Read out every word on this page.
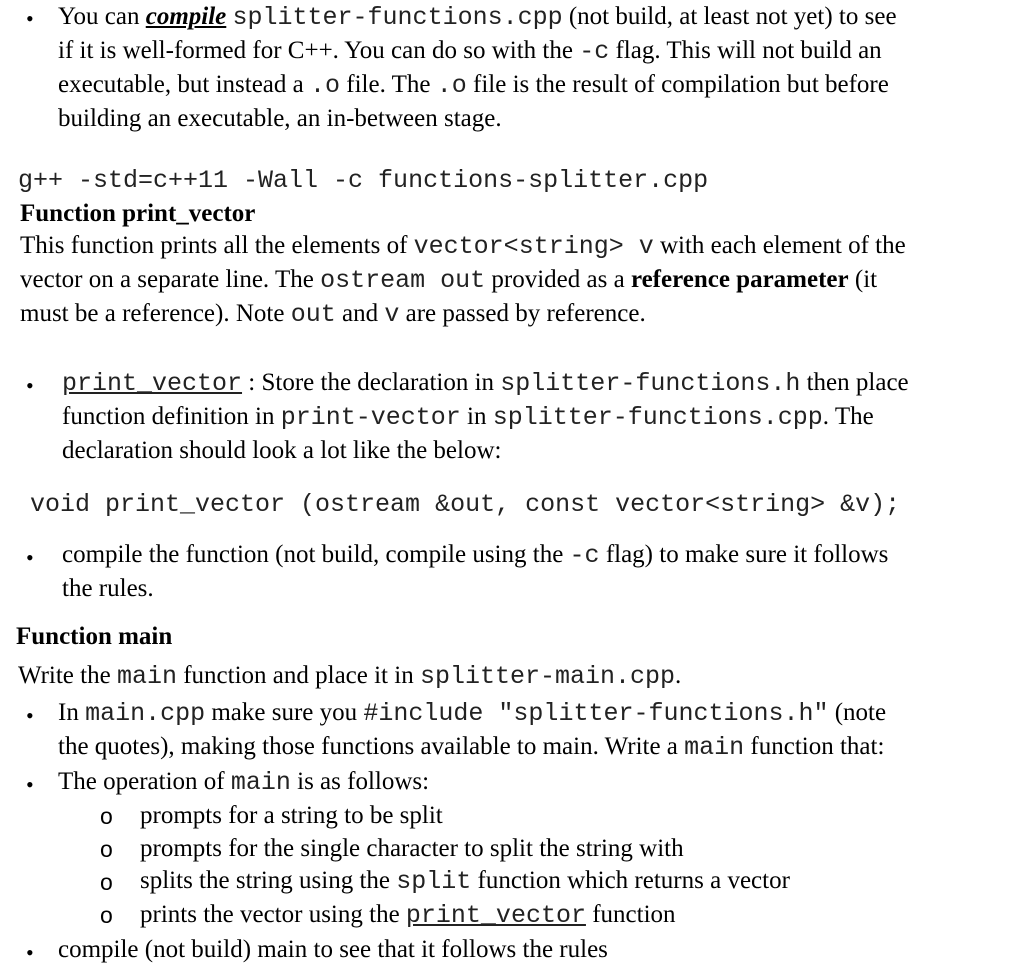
• You can compile splitter-functions.cpp (not build, at least not yet) to see
if it is well-formed for C++. You can do so with the -c flag. This will not build an
executable, but instead a .o file. The .o file is the result of compilation but before
building an executable, an in-between stage.
g++ -std=c++11 -Wall -c functions-splitter.cpp
Function print_vector
This function prints all the elements of vector<string> v with each element of the
vector on a separate line. The ostream out provided as a reference parameter (it
must be a reference). Note out and v are passed by reference.
• print_vector : Store the declaration in splitter-functions.h then place
function definition in print-vector in splitter-functions.cpp. The
declaration should look a lot like the below:
void print_vector (ostream &out, const vector<string> &v);
• compile the function (not build, compile using the -c flag) to make sure it follows
the rules.
Function main
Write the main function and place it in splitter-main.cpp.
• In main.cpp make sure you #include "splitter-functions.h" (note
the quotes), making those functions available to main. Write a main function that:
• The operation of main is as follows:
o prompts for a string to be split
o prompts for the single character to split the string with
o splits the string using the split function which returns a vector
o prints the vector using the print_vector function
• compile (not build) main to see that it follows the rules
